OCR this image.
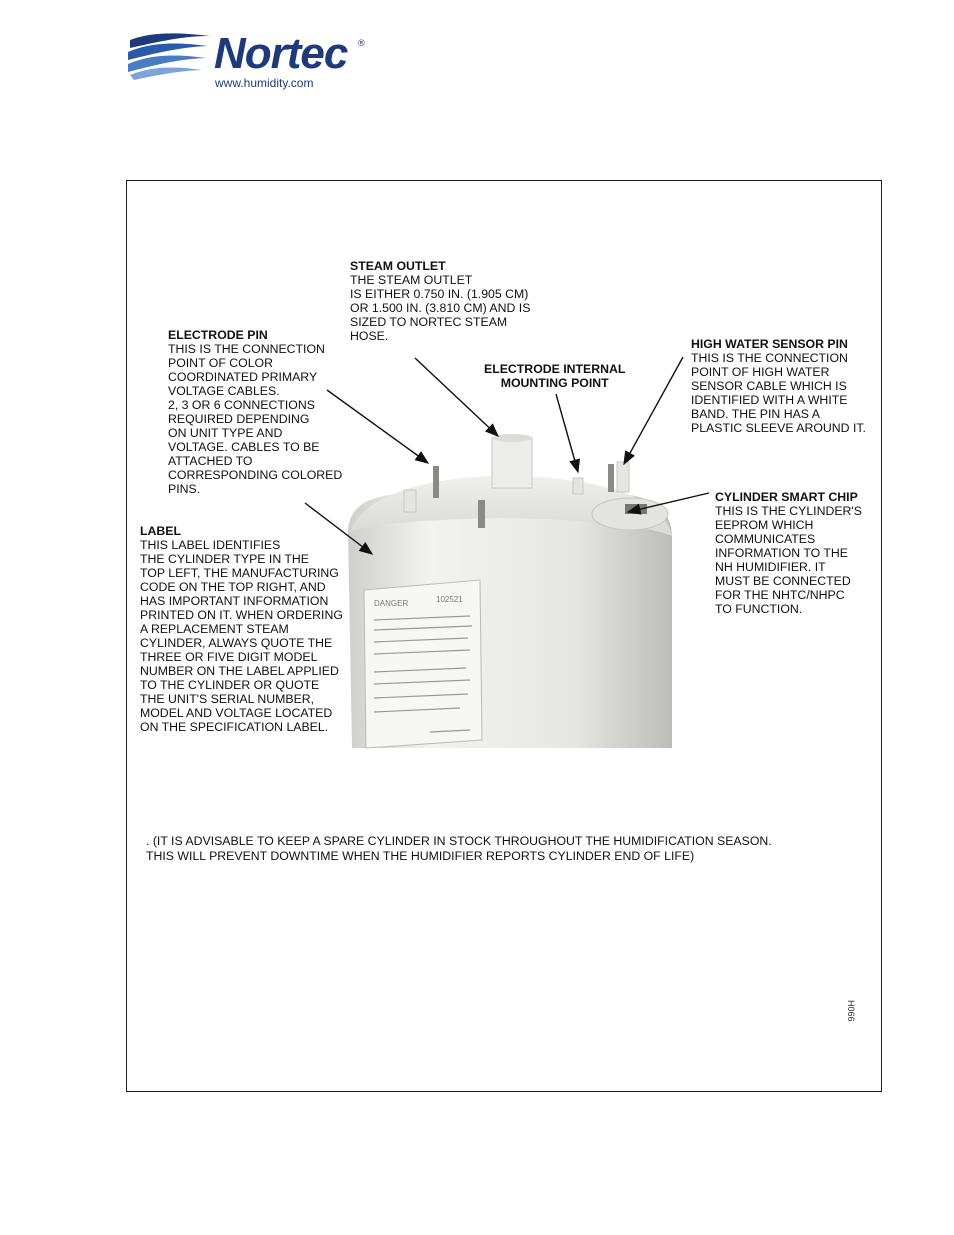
Nortec ®
www.humidity.com
DANGER	102521
STEAM OUTLET
THE STEAM OUTLET
IS EITHER 0.750 IN. (1.905 CM)
OR 1.500 IN. (3.810 CM) AND IS
SIZED TO NORTEC STEAM
HOSE.
ELECTRODE PIN
THIS IS THE CONNECTION
POINT OF COLOR
COORDINATED PRIMARY
VOLTAGE CABLES.
2, 3 OR 6 CONNECTIONS
REQUIRED DEPENDING
ON UNIT TYPE AND
VOLTAGE. CABLES TO BE
ATTACHED TO
CORRESPONDING COLORED
PINS.
ELECTRODE INTERNAL
MOUNTING POINT
HIGH WATER SENSOR PIN
THIS IS THE CONNECTION
POINT OF HIGH WATER
SENSOR CABLE WHICH IS
IDENTIFIED WITH A WHITE
BAND. THE PIN HAS A
PLASTIC SLEEVE AROUND IT.
CYLINDER SMART CHIP
THIS IS THE CYLINDER'S
EEPROM WHICH
COMMUNICATES
INFORMATION TO THE
NH HUMIDIFIER. IT
MUST BE CONNECTED
FOR THE NHTC/NHPC
TO FUNCTION.
LABEL
THIS LABEL IDENTIFIES
THE CYLINDER TYPE IN THE
TOP LEFT, THE MANUFACTURING
CODE ON THE TOP RIGHT, AND
HAS IMPORTANT INFORMATION
PRINTED ON IT. WHEN ORDERING
A REPLACEMENT STEAM
CYLINDER, ALWAYS QUOTE THE
THREE OR FIVE DIGIT MODEL
NUMBER ON THE LABEL APPLIED
TO THE CYLINDER OR QUOTE
THE UNIT'S SERIAL NUMBER,
MODEL AND VOLTAGE LOCATED
ON THE SPECIFICATION LABEL.
. (IT IS ADVISABLE TO KEEP A SPARE CYLINDER IN STOCK THROUGHOUT THE HUMIDIFICATION SEASON.
THIS WILL PREVENT DOWNTIME WHEN THE HUMIDIFIER REPORTS CYLINDER END OF LIFE)
H066
